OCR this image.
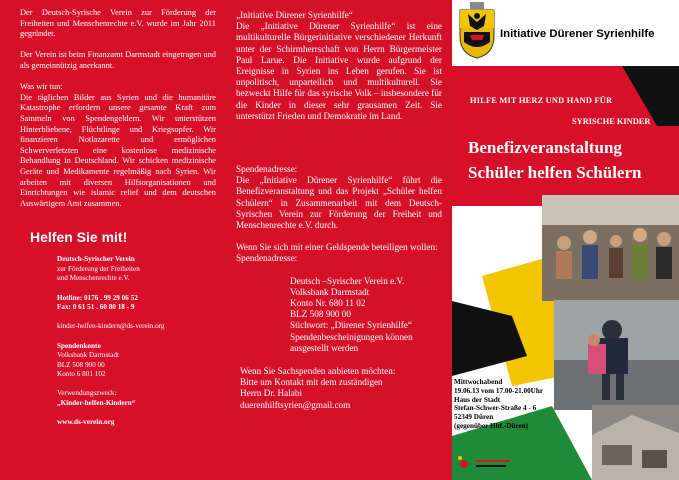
Der Deutsch-Syrische Verein zur Förderung der Freiheiten und Menschenrechte e.V. wurde im Jahr 2011 gegründet.

Der Verein ist beim Finanzamt Darmstadt eingetragen und als gemeinnützig anerkannt.

Was wir tun:

Die täglichen Bilder aus Syrien und die humanitäre Katastrophe erfordern unsere gesamte Kraft zum Sammeln von Spendengeldern. Wir unterstützen Hinterbliebene, Flüchtlinge und Kriegsopfer. Wir finanzieren Notlazarette und ermöglichen Schwerverletzten eine kostenlose medizinische Behandlung in Deutschland. Wir schicken medizinische Geräte und Medikamente regelmäßig nach Syrien. Wir arbeiten mit diversen Hilfsorganisationen und Einrichtungen wie islamic relief und dem deutschen Auswärtigem Amt zusammen.

Helfen Sie mit!
Deutsch-Syrischer Verein
zur Förderung der Freiheiten
und Menschenrechte e.V.
Hotline: 0176 . 99 29 06 52
Fax: 0 61 51 . 60 80 18 - 9
kinder-helfen-kindern@ds-verein.org
Spendenkonto
Volksbank Darmstadt
BLZ 508 900 00
Konto 6 801 102
Verwendungszweck:
„Kinder-helfen-Kindern“
www.ds-verein.org
„Initiative Dürener Syrienhilfe“

Die „Initiative Dürener Syrienhilfe“ ist eine multikulturelle Bürgerinitiative verschiedener Herkunft unter der Schirmherrschaft von Herrn Bürgermeister Paul Larue. Die Initiative wurde aufgrund der Ereignisse in Syrien ins Leben gerufen. Sie ist unpolitisch, unparteilich und multikulturell. Sie bezweckt Hilfe für das syrische Volk – insbesondere für die Kinder in dieser sehr grausamen Zeit. Sie unterstützt Frieden und Demokratie im Land.

Spendenadresse:

Die „Initiative Dürener Syrienhilfe“ führt die Benefizveranstaltung und das Projekt „Schüler helfen Schülern“ in Zusammenarbeit mit dem Deutsch-Syrischen Verein zur Förderung der Freiheit und Menschenrechte e.V. durch.

Wenn Sie sich mit einer Geldspende beteiligen wollen:

Spendenadresse:
Deutsch –Syrischer Verein e.V.
Volksbank Darmstadt
Konto Nr. 680 11 02
BLZ 508 900 00
Stichwort: „Dürener Syrienhilfe“
Spendenbescheinigungen können
ausgestellt werden
Wenn Sie Sachspenden anbieten möchten:
Bitte um Kontakt mit dem zuständigen
Herrn Dr. Halabi
duerenhilftsyrien@gmail.com
Initiative Dürener Syrienhilfe
HILFE MIT HERZ UND HAND FÜR
SYRISCHE KINDER
Benefizveranstaltung
Schüler helfen Schülern
Mittwochabend
19.06.13 vom 17.00-21.00Uhr
Haus der Stadt
Stefan-Schwer-Straße 4 - 6
52349 Düren
(gegenüber Hbf.-Düren)
